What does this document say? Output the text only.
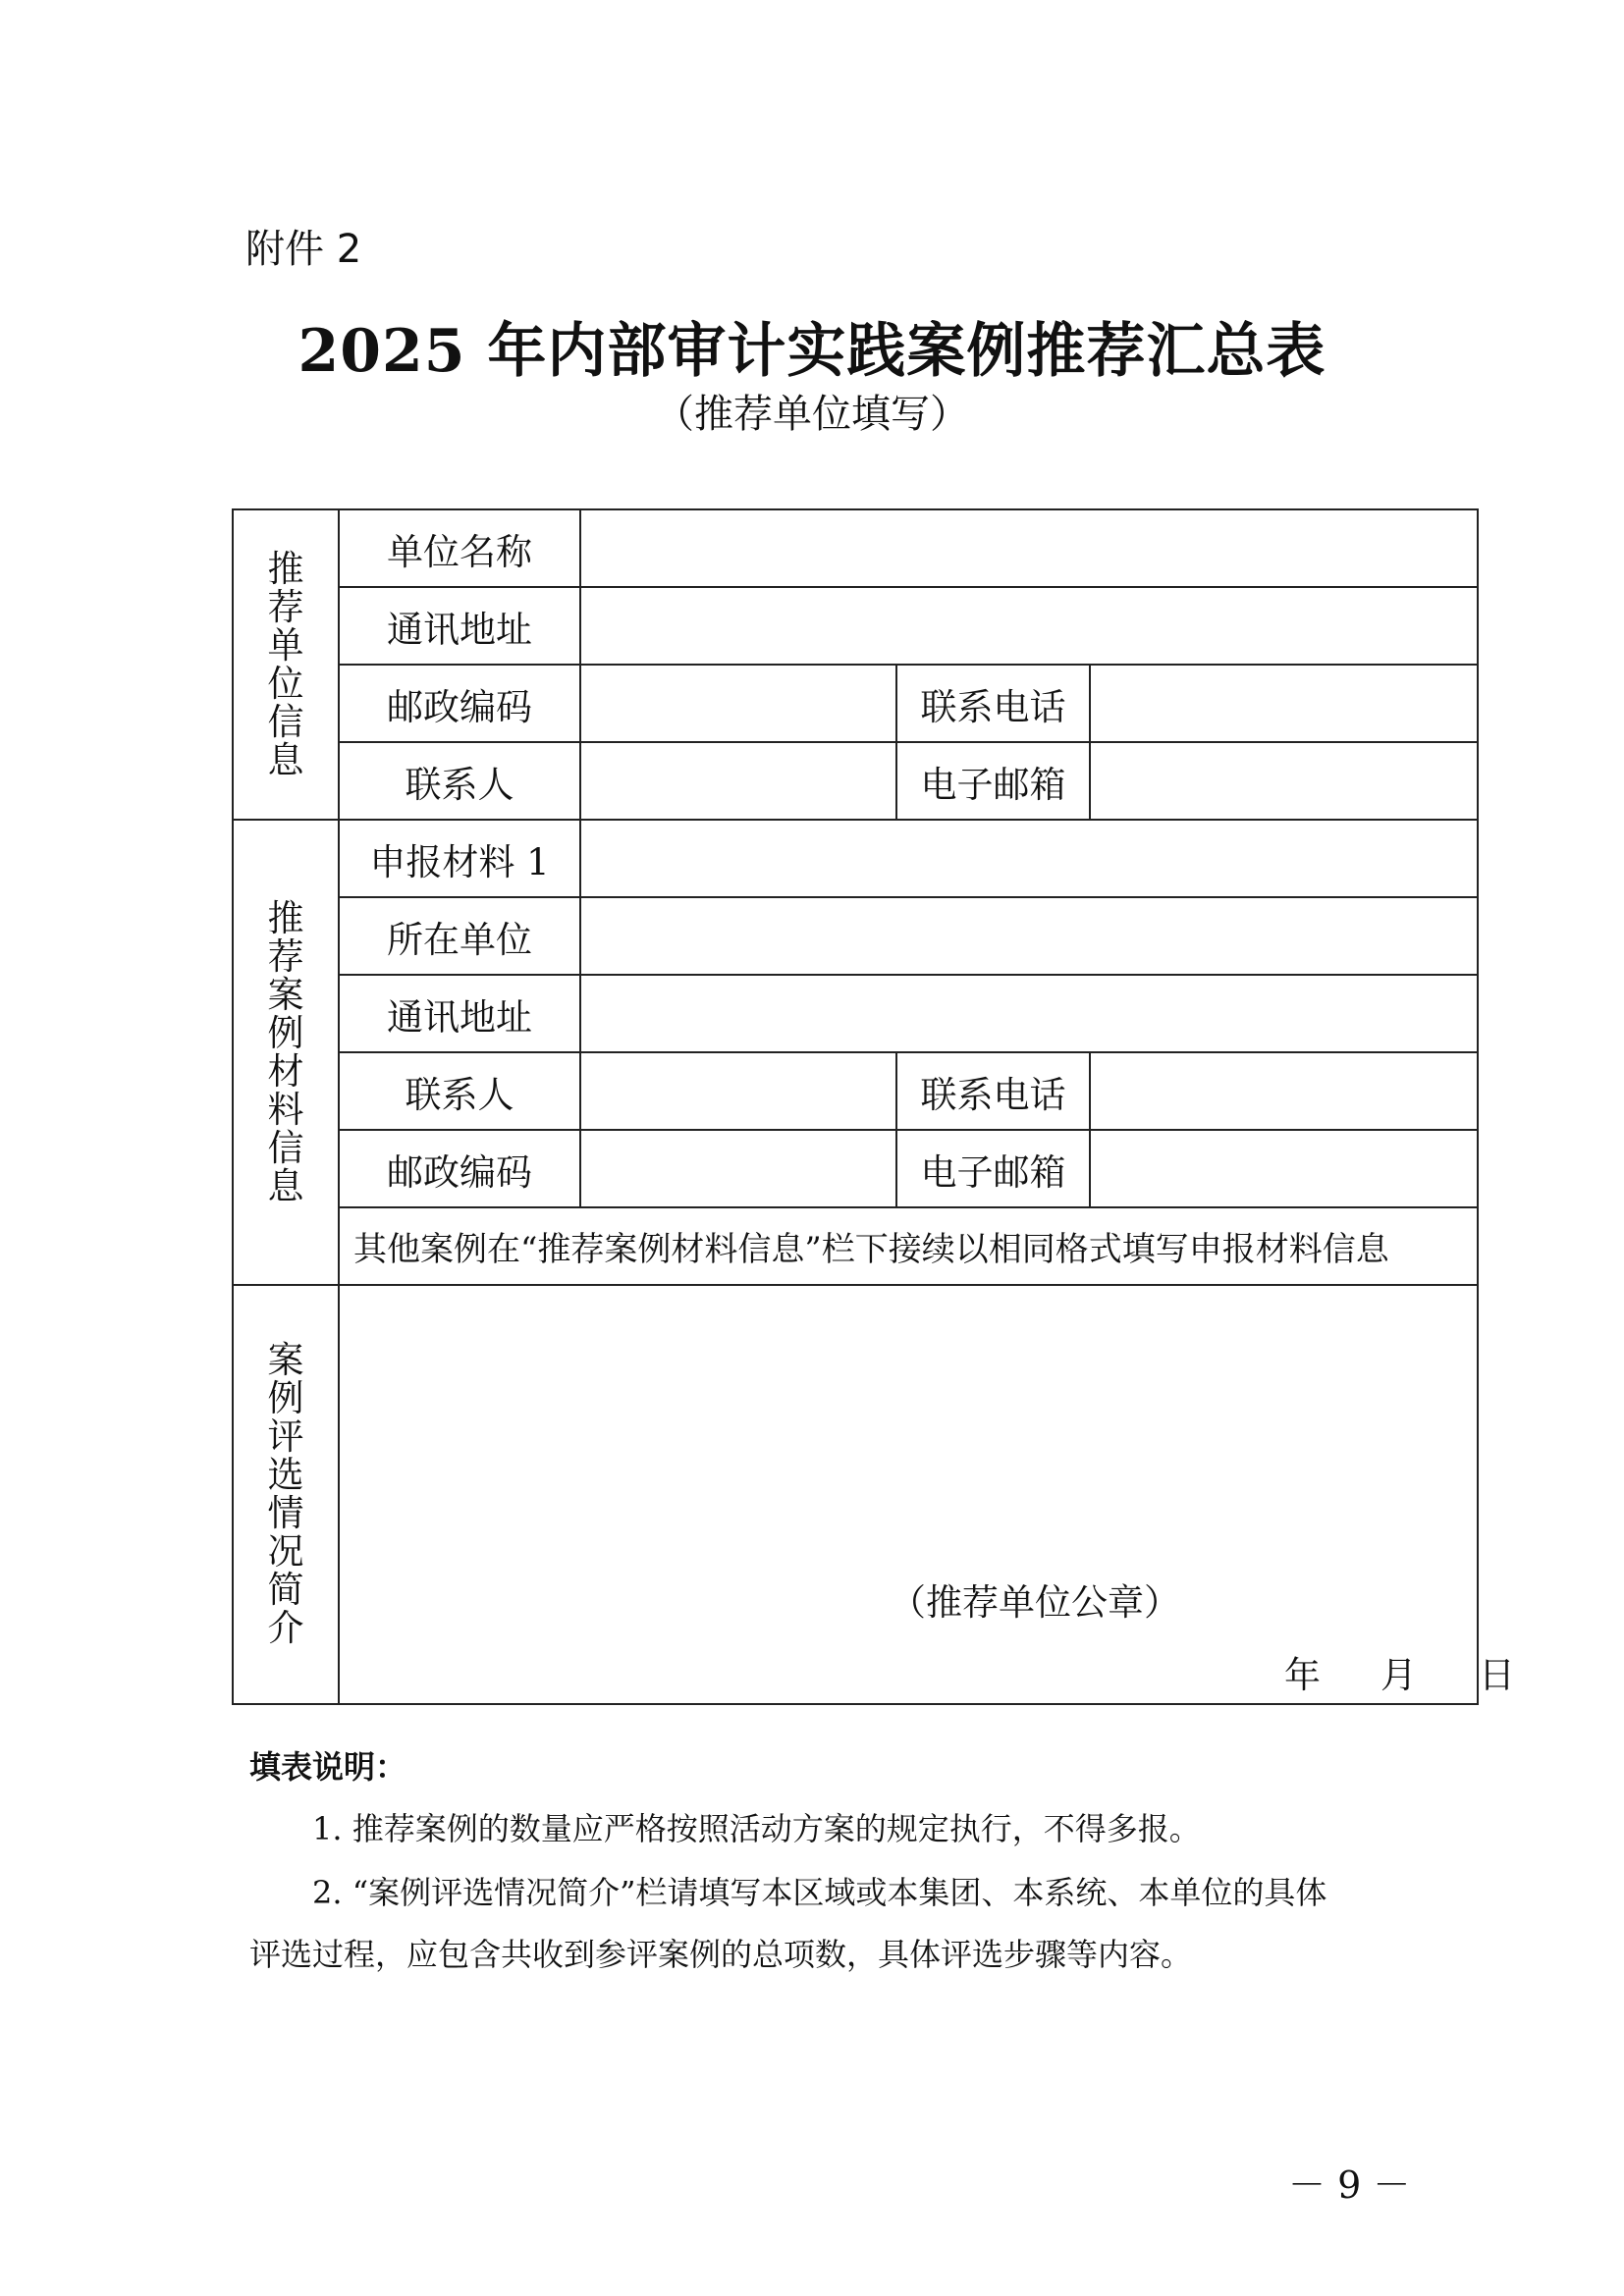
附件 2
2025 年内部审计实践案例推荐汇总表
（推荐单位填写）
推荐单位信息	单位名称			
	通讯地址			
	邮政编码		联系电话	
	联系人		电子邮箱	
推荐案例材料信息	申报材料 1			
	所在单位			
	通讯地址			
	联系人		联系电话	
	邮政编码		电子邮箱	
	其他案例在“推荐案例材料信息”栏下接续以相同格式填写申报材料信息			
案例评选情况简介	（推荐单位公章）
年 月 日			
填表说明：
1. 推荐案例的数量应严格按照活动方案的规定执行，不得多报。
2. “案例评选情况简介”栏请填写本区域或本集团、本系统、本单位的具体
评选过程，应包含共收到参评案例的总项数，具体评选步骤等内容。
－ 9 －
